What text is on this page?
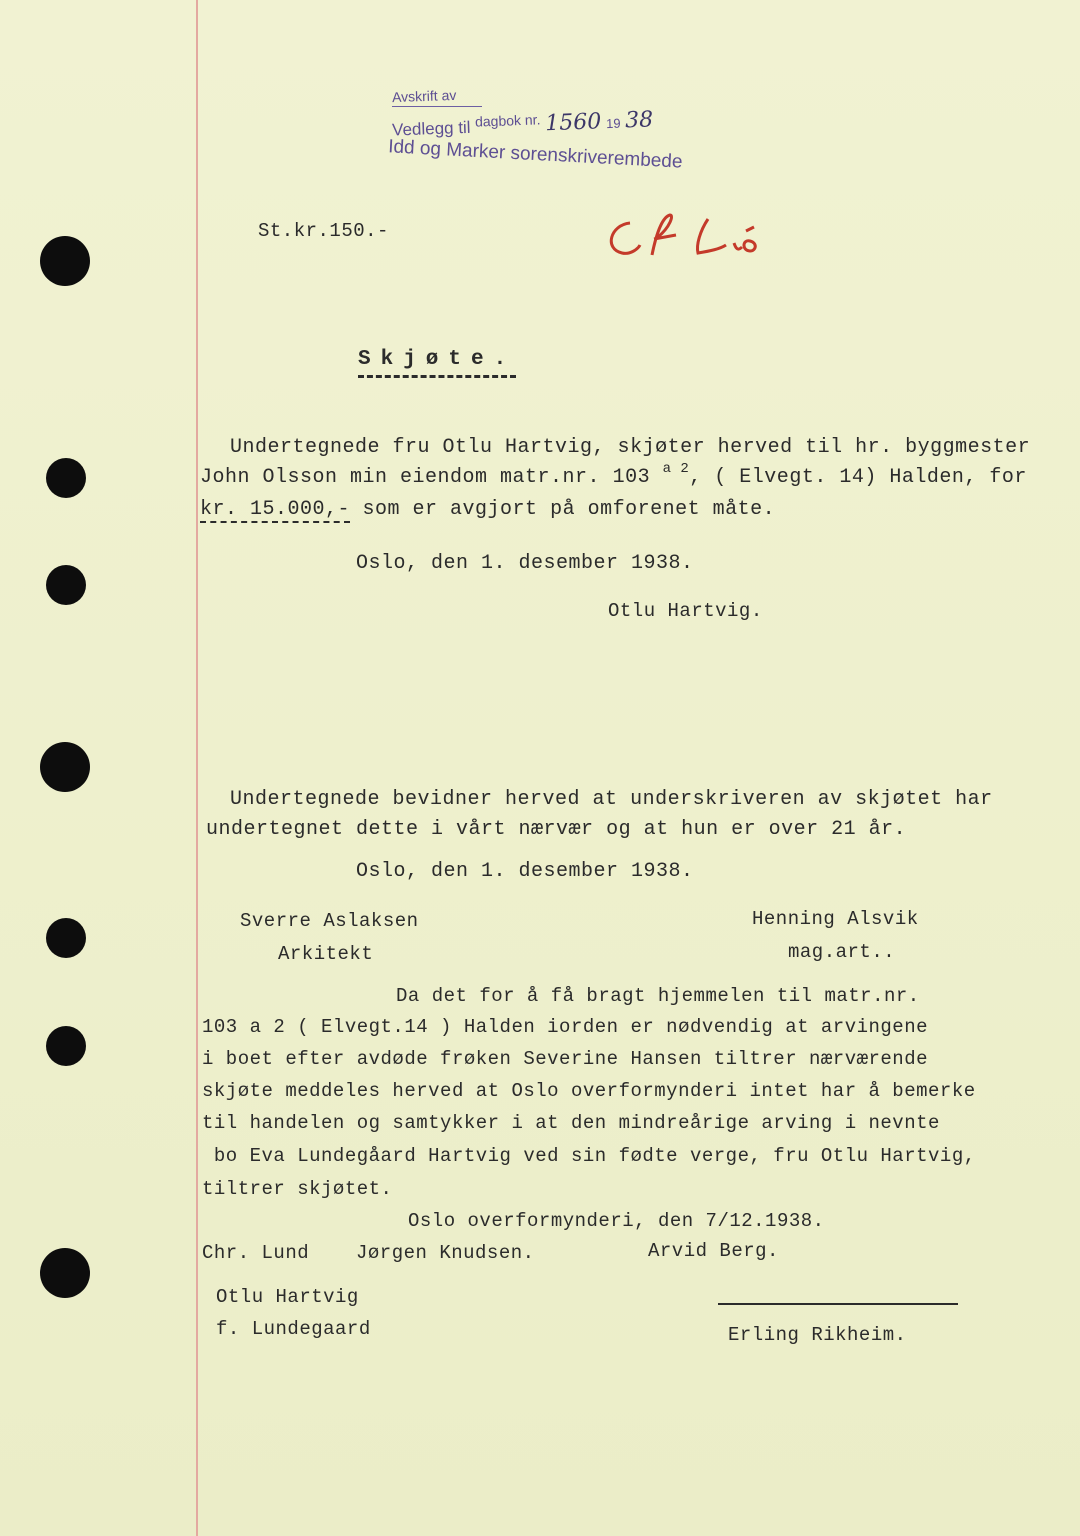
Avskrift av
Vedlegg til $^{dagbok nr.}$ 1560 19 38
Idd og Marker sorenskriverembede
St.kr.150.-
Skjøte.
Undertegnede fru Otlu Hartvig, skjøter herved til hr. byggmester
John Olsson min eiendom matr.nr. 103 $^{a 2}$, ( Elvegt. 14) Halden, for
kr. 15.000,- som er avgjort på omforenet måte.
Oslo, den 1. desember 1938.
Otlu Hartvig.
Undertegnede bevidner herved at underskriveren av skjøtet har
undertegnet dette i vårt nærvær og at hun er over 21 år.
Oslo, den 1. desember 1938.
Sverre Aslaksen
Arkitekt
Henning Alsvik
mag.art..
Da det for å få bragt hjemmelen til matr.nr.
103 a 2 ( Elvegt.14 ) Halden iorden er nødvendig at arvingene
i boet efter avdøde frøken Severine Hansen tiltrer nærværende
skjøte meddeles herved at Oslo overformynderi intet har å bemerke
til handelen og samtykker i at den mindreårige arving i nevnte
bo Eva Lundegåard Hartvig ved sin fødte verge, fru Otlu Hartvig,
tiltrer skjøtet.
Oslo overformynderi, den 7/12.1938.
Chr. Lund Jørgen Knudsen.	Arvid Berg.
Otlu Hartvig
f. Lundegaard	Erling Rikheim.
